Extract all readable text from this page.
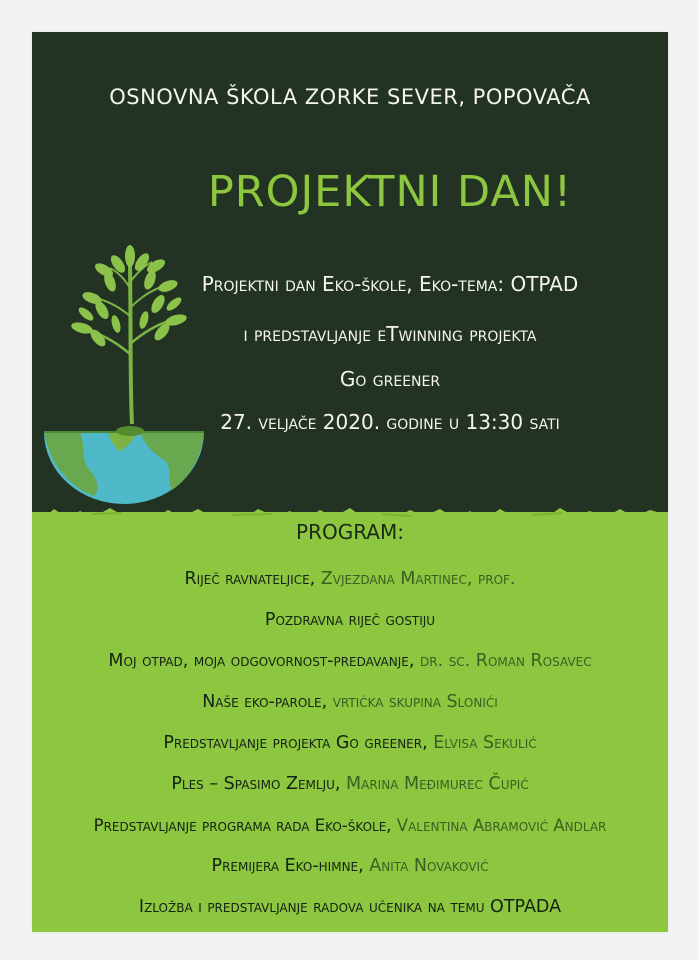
OSNOVNA ŠKOLA ZORKE SEVER, POPOVAČA
PROJEKTNI DAN!
Projektni dan Eko-škole, Eko-tema: OTPAD
i predstavljanje eTwinning projekta
Go greener
27. veljače 2020. godine u 13:30 sati
PROGRAM:
Riječ ravnateljice, Zvjezdana Martinec, prof.
Pozdravna riječ gostiju
Moj otpad, moja odgovornost-predavanje, dr. sc. Roman Rosavec
Naše eko-parole, vrtićka skupina Slonići
Predstavljanje projekta Go greener, Elvisa Sekulić
Ples – Spasimo Zemlju, Marina Međimurec Čupić
Predstavljanje programa rada Eko-škole, Valentina Abramović Andlar
Premijera Eko-himne, Anita Novaković
Izložba i predstavljanje radova učenika na temu OTPADA
